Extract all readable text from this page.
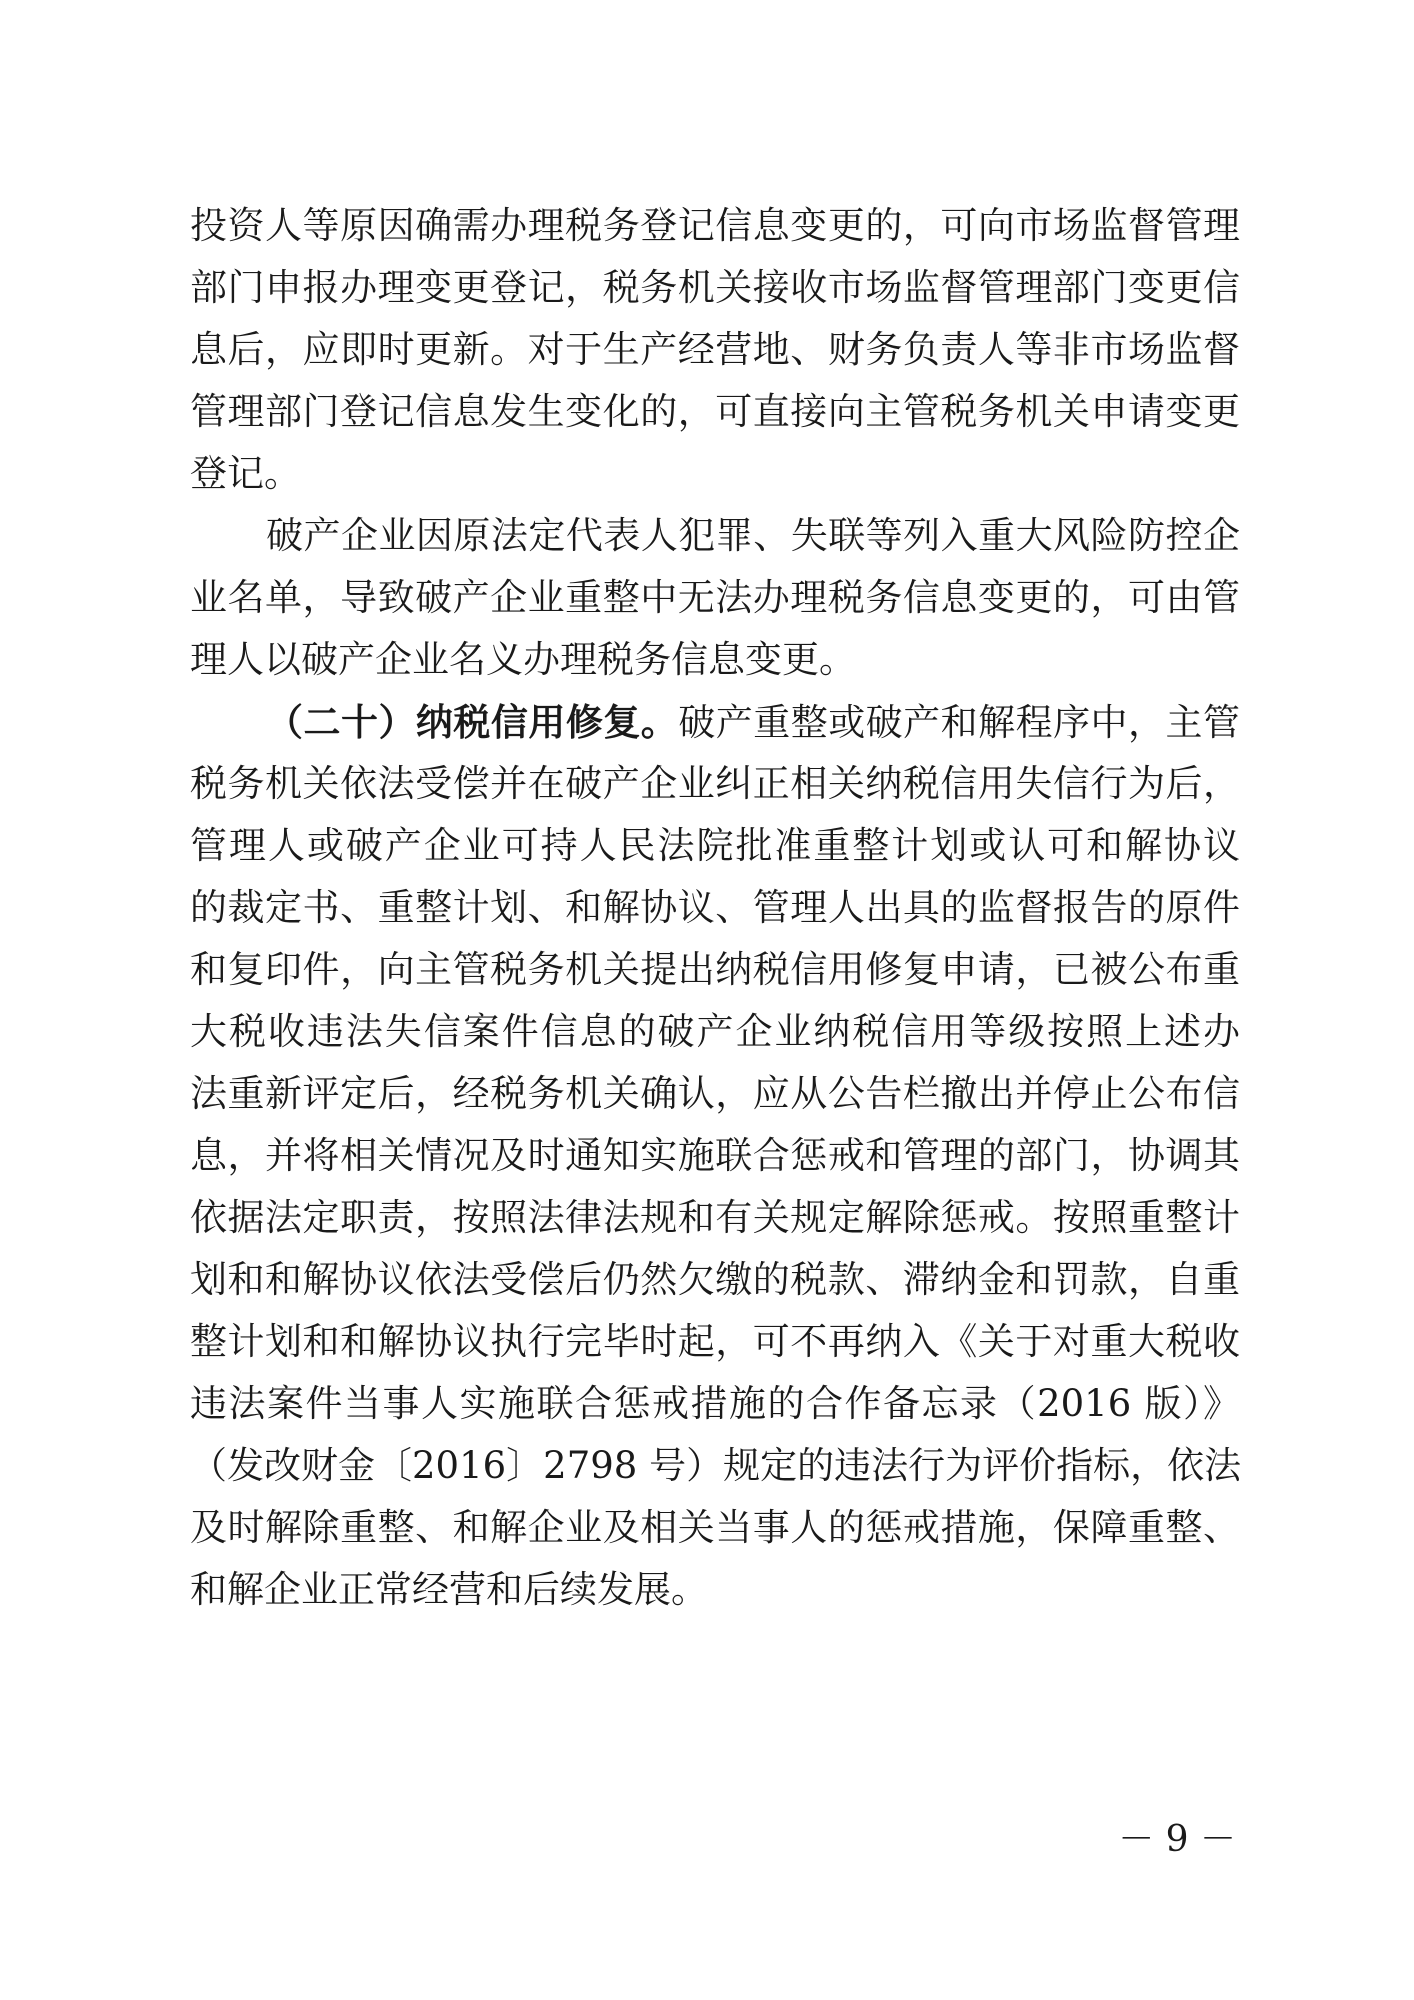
投资人等原因确需办理税务登记信息变更的，可向市场监督管理
部门申报办理变更登记，税务机关接收市场监督管理部门变更信
息后，应即时更新。对于生产经营地、财务负责人等非市场监督
管理部门登记信息发生变化的，可直接向主管税务机关申请变更
登记。
破产企业因原法定代表人犯罪、失联等列入重大风险防控企
业名单，导致破产企业重整中无法办理税务信息变更的，可由管
理人以破产企业名义办理税务信息变更。
（二十）纳税信用修复。破产重整或破产和解程序中，主管
税务机关依法受偿并在破产企业纠正相关纳税信用失信行为后，
管理人或破产企业可持人民法院批准重整计划或认可和解协议
的裁定书、重整计划、和解协议、管理人出具的监督报告的原件
和复印件，向主管税务机关提出纳税信用修复申请，已被公布重
大税收违法失信案件信息的破产企业纳税信用等级按照上述办
法重新评定后，经税务机关确认，应从公告栏撤出并停止公布信
息，并将相关情况及时通知实施联合惩戒和管理的部门，协调其
依据法定职责，按照法律法规和有关规定解除惩戒。按照重整计
划和和解协议依法受偿后仍然欠缴的税款、滞纳金和罚款，自重
整计划和和解协议执行完毕时起，可不再纳入《关于对重大税收
违法案件当事人实施联合惩戒措施的合作备忘录（2016 版）》
（发改财金〔2016〕2798 号）规定的违法行为评价指标，依法
及时解除重整、和解企业及相关当事人的惩戒措施，保障重整、
和解企业正常经营和后续发展。
－ 9 －
